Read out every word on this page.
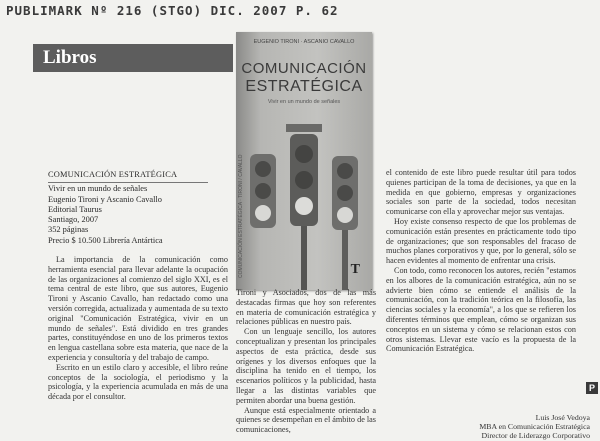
PUBLIMARK Nº 216 (STGO) DIC. 2007 P. 62
Libros
EUGENIO TIRONI · ASCANIO CAVALLO
COMUNICACIÓN
ESTRATÉGICA
Vivir en un mundo de señales
COMUNICACIÓN ESTRATÉGICA · TIRONI / CAVALLO	T
COMUNICACIÓN ESTRATÉGICA
Vivir en un mundo de señales
Eugenio Tironi y Ascanio Cavallo
Editorial Taurus
Santiago, 2007
352 páginas
Precio $ 10.500 Librería Antártica

La importancia de la comunicación como herramienta esencial para llevar adelante la ocupación de las organizaciones al comienzo del siglo XXI, es el tema central de este libro, que sus autores, Eugenio Tironi y Ascanio Cavallo, han redactado como una versión corregida, actualizada y aumentada de su texto original "Comunicación Estratégica, vivir en un mundo de señales". Está dividido en tres grandes partes, constituyéndose en uno de los primeros textos en lengua castellana sobre esta materia, que nace de la experiencia y consultoría y del trabajo de campo.

Escrito en un estilo claro y accesible, el libro reúne conceptos de la sociología, el periodismo y la psicología, y la experiencia acumulada en más de una década por el consultor.

Tironi y Asociados, dos de las más destacadas firmas que hoy son referentes en materia de comunicación estratégica y relaciones públicas en nuestro país.

Con un lenguaje sencillo, los autores conceptualizan y presentan los principales aspectos de esta práctica, desde sus orígenes y los diversos enfoques que la disciplina ha tenido en el tiempo, los escenarios políticos y la publicidad, hasta llegar a las distintas variables que permiten abordar una buena gestión.

Aunque está especialmente orientado a quienes se desempeñan en el ámbito de las comunicaciones,

el contenido de este libro puede resultar útil para todos quienes participan de la toma de decisiones, ya que en la medida en que gobierno, empresas y organizaciones sociales son parte de la sociedad, todos necesitan comunicarse con ella y aprovechar mejor sus ventajas.

Hoy existe consenso respecto de que los problemas de comunicación están presentes en prácticamente todo tipo de organizaciones; que son responsables del fracaso de muchos planes corporativos y que, por lo general, sólo se hacen evidentes al momento de enfrentar una crisis.

Con todo, como reconocen los autores, recién "estamos en los albores de la comunicación estratégica, aún no se advierte bien cómo se entiende el análisis de la comunicación, con la tradición teórica en la filosofía, las ciencias sociales y la economía", a los que se refieren los diferentes términos que emplean, cómo se organizan sus conceptos en un sistema y cómo se relacionan estos con otros sistemas. Llevar este vacío es la propuesta de la Comunicación Estratégica.

P
Luis José Vedoya
MBA en Comunicación Estratégica
Director de Liderazgo Corporativo
